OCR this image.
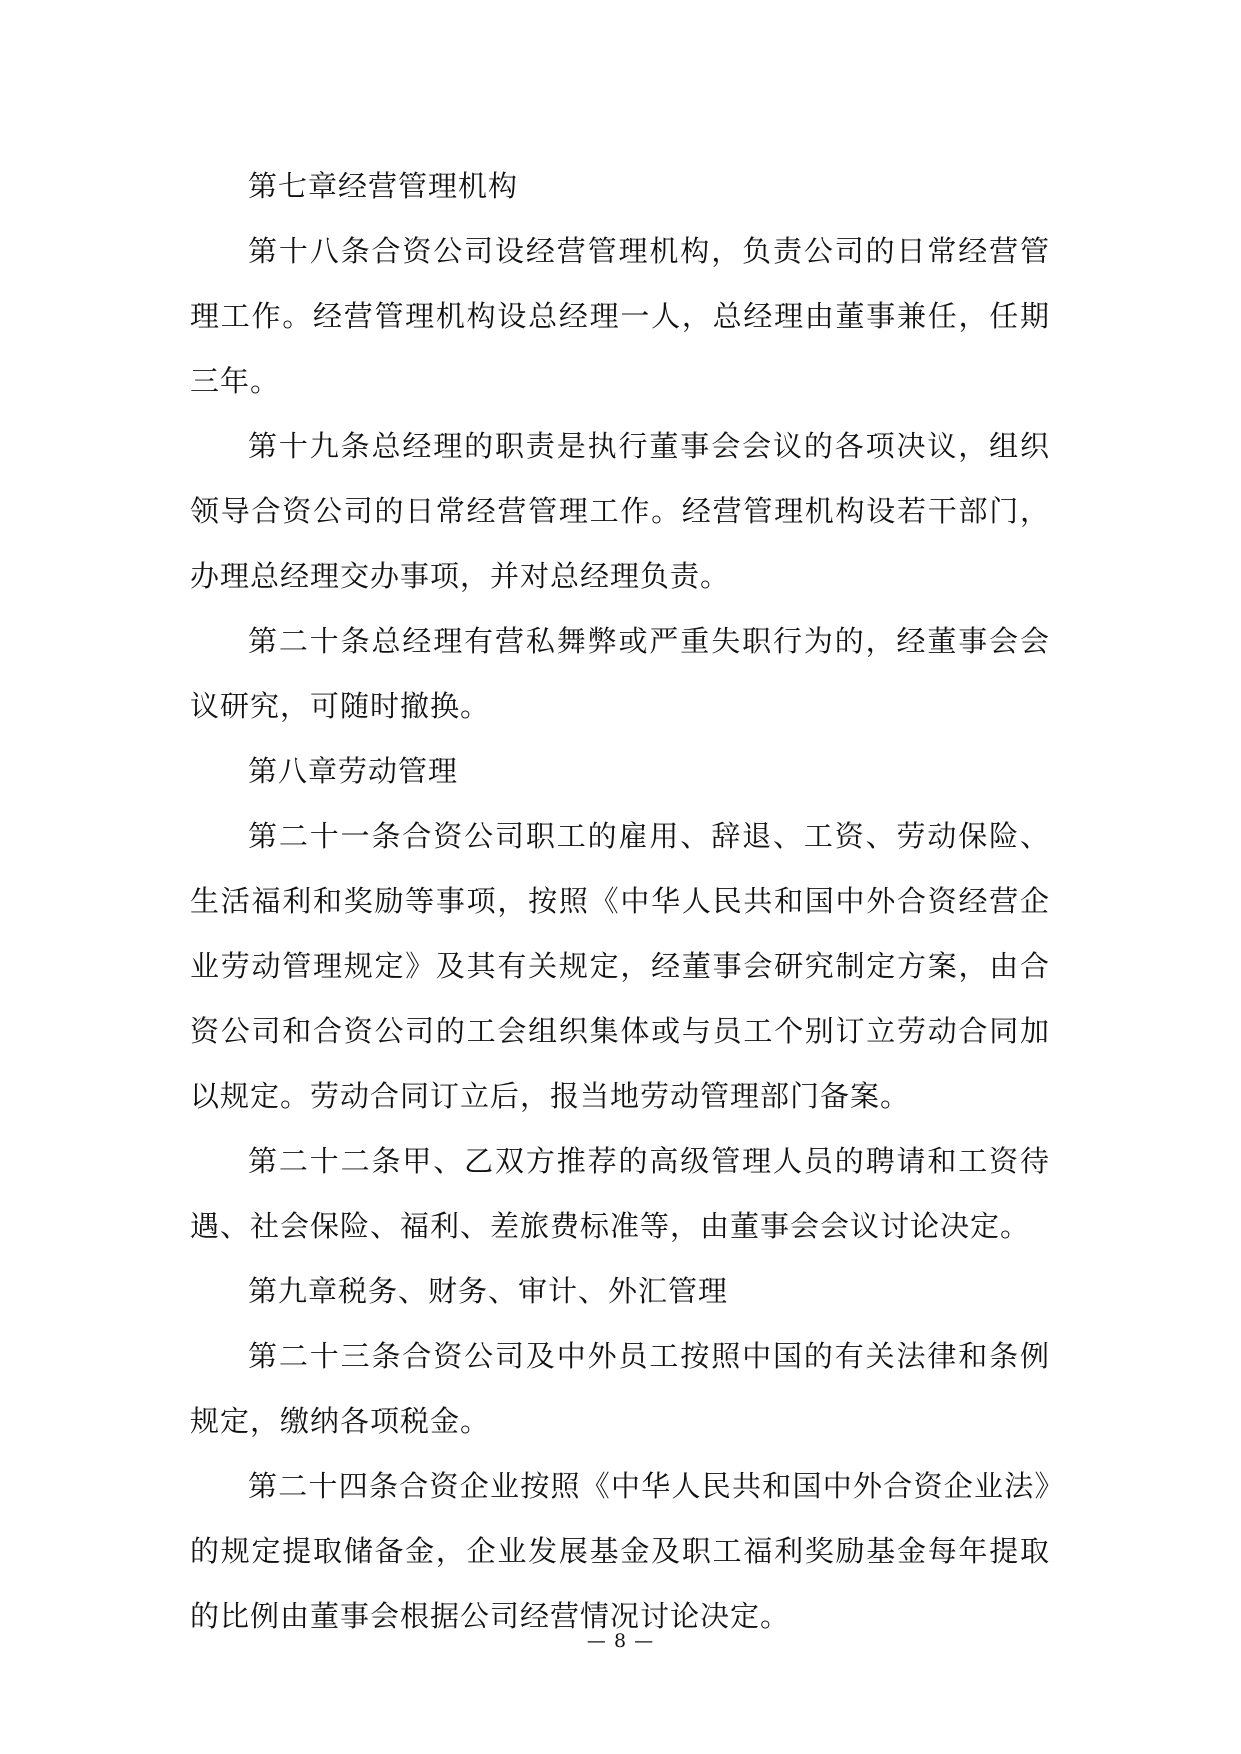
第七章经营管理机构

第十八条合资公司设经营管理机构，负责公司的日常经营管理工作。经营管理机构设总经理一人，总经理由董事兼任，任期三年。

第十九条总经理的职责是执行董事会会议的各项决议，组织领导合资公司的日常经营管理工作。经营管理机构设若干部门，办理总经理交办事项，并对总经理负责。

第二十条总经理有营私舞弊或严重失职行为的，经董事会会议研究，可随时撤换。

第八章劳动管理

第二十一条合资公司职工的雇用、辞退、工资、劳动保险、生活福利和奖励等事项，按照《中华人民共和国中外合资经营企业劳动管理规定》及其有关规定，经董事会研究制定方案，由合资公司和合资公司的工会组织集体或与员工个别订立劳动合同加以规定。劳动合同订立后，报当地劳动管理部门备案。

第二十二条甲、乙双方推荐的高级管理人员的聘请和工资待遇、社会保险、福利、差旅费标准等，由董事会会议讨论决定。

第九章税务、财务、审计、外汇管理

第二十三条合资公司及中外员工按照中国的有关法律和条例规定，缴纳各项税金。

第二十四条合资企业按照《中华人民共和国中外合资企业法》的规定提取储备金，企业发展基金及职工福利奖励基金每年提取的比例由董事会根据公司经营情况讨论决定。

— 8 —
